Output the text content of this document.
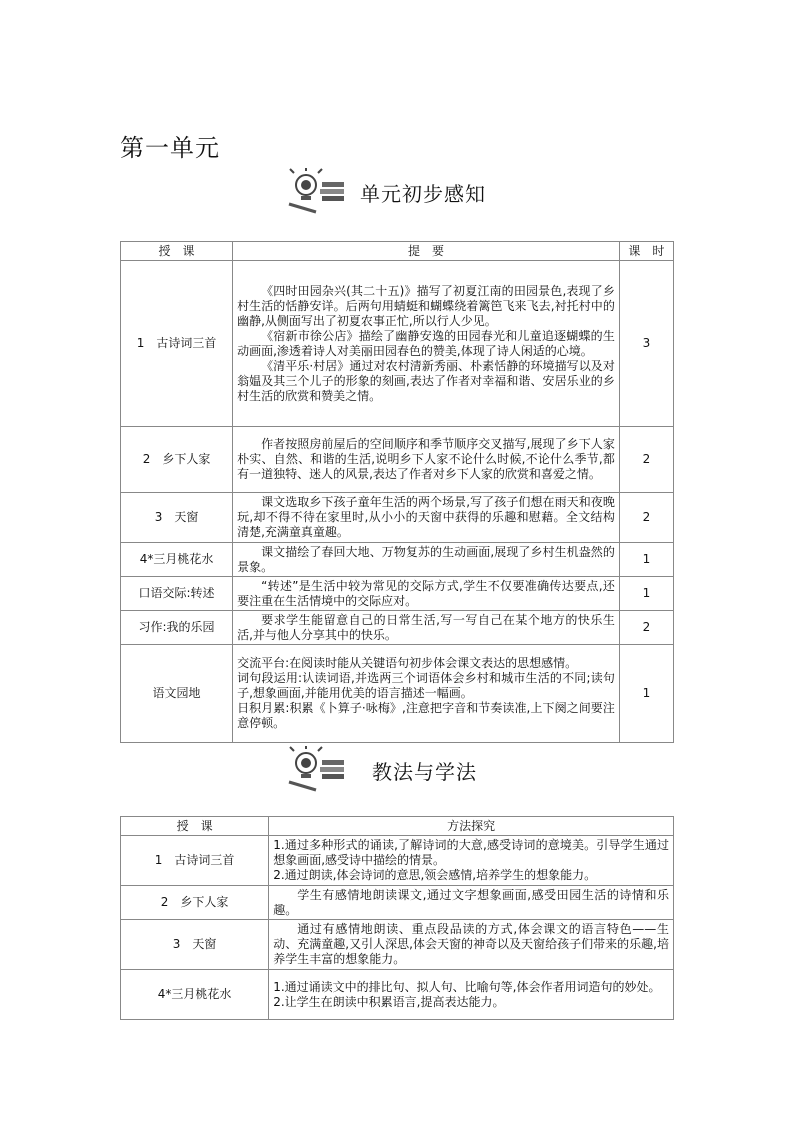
第一单元
单元初步感知
授　课	提　要	课　时
1　古诗词三首	《四时田园杂兴(其二十五)》描写了初夏江南的田园景色,表现了乡村生活的恬静安详。后两句用蜻蜓和蝴蝶绕着篱笆飞来飞去,衬托村中的幽静,从侧面写出了初夏农事正忙,所以行人少见。

《宿新市徐公店》描绘了幽静安逸的田园春光和儿童追逐蝴蝶的生动画面,渗透着诗人对美丽田园春色的赞美,体现了诗人闲适的心境。

《清平乐·村居》通过对农村清新秀丽、朴素恬静的环境描写以及对翁媪及其三个儿子的形象的刻画,表达了作者对幸福和谐、安居乐业的乡村生活的欣赏和赞美之情。	3
2　乡下人家	作者按照房前屋后的空间顺序和季节顺序交叉描写,展现了乡下人家朴实、自然、和谐的生活,说明乡下人家不论什么时候,不论什么季节,都有一道独特、迷人的风景,表达了作者对乡下人家的欣赏和喜爱之情。	2
3　天窗	课文选取乡下孩子童年生活的两个场景,写了孩子们想在雨天和夜晚玩,却不得不待在家里时,从小小的天窗中获得的乐趣和慰藉。全文结构清楚,充满童真童趣。	2
4*三月桃花水	课文描绘了春回大地、万物复苏的生动画面,展现了乡村生机盎然的景象。	1
口语交际:转述	“转述”是生活中较为常见的交际方式,学生不仅要准确传达要点,还要注重在生活情境中的交际应对。	1
习作:我的乐园	要求学生能留意自己的日常生活,写一写自己在某个地方的快乐生活,并与他人分享其中的快乐。	2
语文园地	交流平台:在阅读时能从关键语句初步体会课文表达的思想感情。

词句段运用:认读词语,并选两三个词语体会乡村和城市生活的不同;读句子,想象画面,并能用优美的语言描述一幅画。

日积月累:积累《卜算子·咏梅》,注意把字音和节奏读准,上下阕之间要注意停顿。	1
教法与学法
授　课	方法探究
1　古诗词三首	1.通过多种形式的诵读,了解诗词的大意,感受诗词的意境美。引导学生通过想象画面,感受诗中描绘的情景。

2.通过朗读,体会诗词的意思,领会感情,培养学生的想象能力。

2　乡下人家	学生有感情地朗读课文,通过文字想象画面,感受田园生活的诗情和乐趣。

3　天窗	通过有感情地朗读、重点段品读的方式,体会课文的语言特色——生动、充满童趣,又引人深思,体会天窗的神奇以及天窗给孩子们带来的乐趣,培养学生丰富的想象能力。

4*三月桃花水	1.通过诵读文中的排比句、拟人句、比喻句等,体会作者用词造句的妙处。

2.让学生在朗读中积累语言,提高表达能力。
